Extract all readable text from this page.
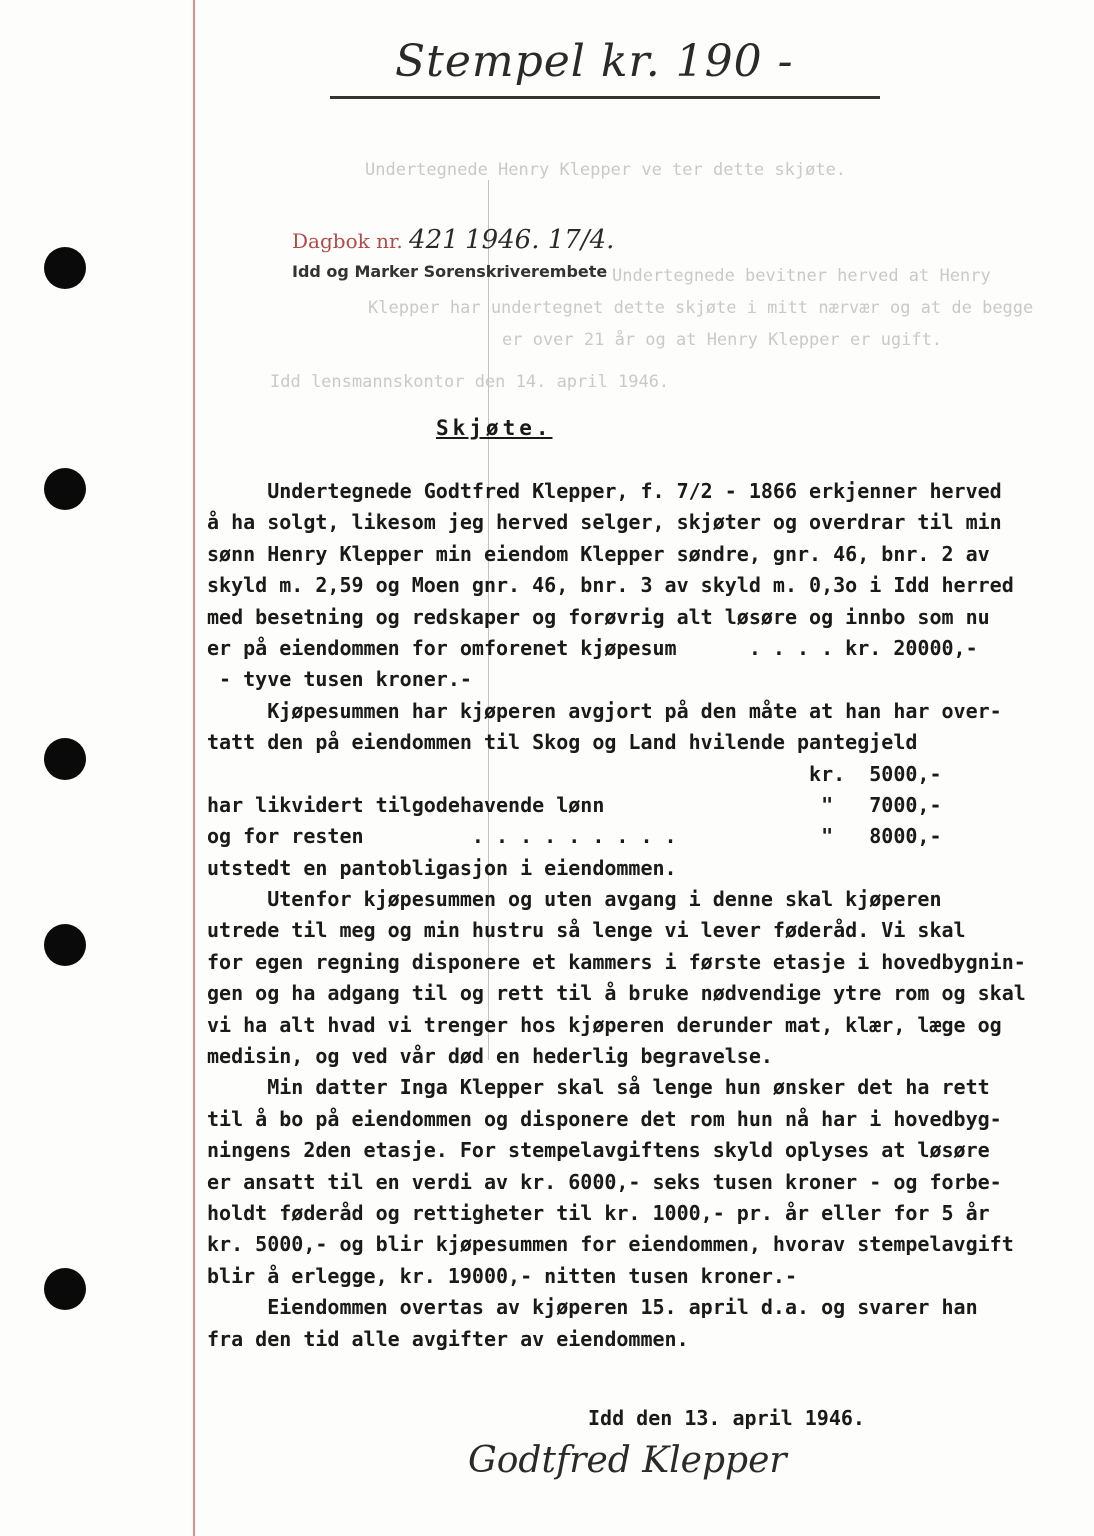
Stempel kr. 190 -
Undertegnede Henry Klepper ve ter dette skjøte.
Undertegnede bevitner herved at Henry
Klepper har undertegnet dette skjøte i mitt nærvær og at de begge
er over 21 år og at Henry Klepper er ugift.
Idd lensmannskontor den 14. april 1946.
Dagbok nr. 421 1946. 17/4.
Idd og Marker Sorenskriverembete
Skjøte.
Undertegnede Godtfred Klepper, f. 7/2 - 1866 erkjenner herved
å ha solgt, likesom jeg herved selger, skjøter og overdrar til min
sønn Henry Klepper min eiendom Klepper søndre, gnr. 46, bnr. 2 av
skyld m. 2,59 og Moen gnr. 46, bnr. 3 av skyld m. 0,3o i Idd herred
med besetning og redskaper og forøvrig alt løsøre og innbo som nu
er på eiendommen for omforenet kjøpesum      . . . . kr. 20000,-
- tyve tusen kroner.-
Kjøpesummen har kjøperen avgjort på den måte at han har over-
tatt den på eiendommen til Skog og Land hvilende pantegjeld
kr.  5000,-
har likvidert tilgodehavende lønn                  "   7000,-
og for resten         . . . . . . . . .            "   8000,-
utstedt en pantobligasjon i eiendommen.
Utenfor kjøpesummen og uten avgang i denne skal kjøperen
utrede til meg og min hustru så lenge vi lever føderåd. Vi skal
for egen regning disponere et kammers i første etasje i hovedbygnin-
gen og ha adgang til og rett til å bruke nødvendige ytre rom og skal
vi ha alt hvad vi trenger hos kjøperen derunder mat, klær, læge og
medisin, og ved vår død en hederlig begravelse.
Min datter Inga Klepper skal så lenge hun ønsker det ha rett
til å bo på eiendommen og disponere det rom hun nå har i hovedbyg-
ningens 2den etasje. For stempelavgiftens skyld oplyses at løsøre
er ansatt til en verdi av kr. 6000,- seks tusen kroner - og forbe-
holdt føderåd og rettigheter til kr. 1000,- pr. år eller for 5 år
kr. 5000,- og blir kjøpesummen for eiendommen, hvorav stempelavgift
blir å erlegge, kr. 19000,- nitten tusen kroner.-
Eiendommen overtas av kjøperen 15. april d.a. og svarer han
fra den tid alle avgifter av eiendommen.
Idd den 13. april 1946.
Godtfred Klepper
